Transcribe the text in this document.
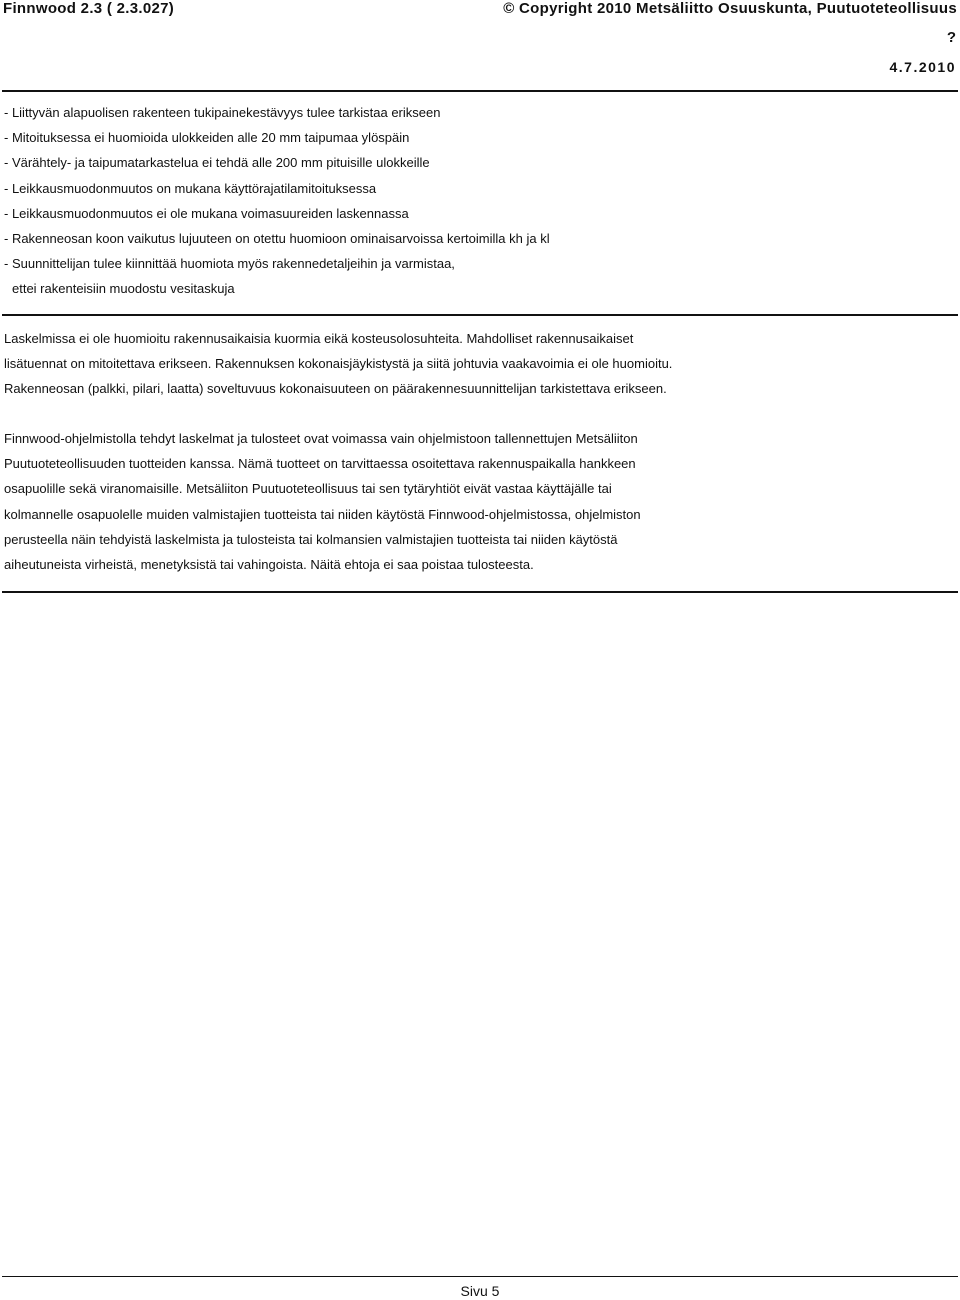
Finnwood 2.3 ( 2.3.027)	© Copyright 2010 Metsäliitto Osuuskunta, Puutuoteteollisuus
?
4.7.2010
- Liittyvän alapuolisen rakenteen tukipainekestävyys tulee tarkistaa erikseen
- Mitoituksessa ei huomioida ulokkeiden alle 20 mm taipumaa ylöspäin
- Värähtely- ja taipumatarkastelua ei tehdä alle 200 mm pituisille ulokkeille
- Leikkausmuodonmuutos on mukana käyttörajatilamitoituksessa
- Leikkausmuodonmuutos ei ole mukana voimasuureiden laskennassa
- Rakenneosan koon vaikutus lujuuteen on otettu huomioon ominaisarvoissa kertoimilla kh ja kl
- Suunnittelijan tulee kiinnittää huomiota myös rakennedetaljeihin ja varmistaa,
ettei rakenteisiin muodostu vesitaskuja

Laskelmissa ei ole huomioitu rakennusaikaisia kuormia eikä kosteusolosuhteita. Mahdolliset rakennusaikaiset
lisätuennat on mitoitettava erikseen. Rakennuksen kokonaisjäykistystä ja siitä johtuvia vaakavoimia ei ole huomioitu.
Rakenneosan (palkki, pilari, laatta) soveltuvuus kokonaisuuteen on päärakennesuunnittelijan tarkistettava erikseen.

Finnwood-ohjelmistolla tehdyt laskelmat ja tulosteet ovat voimassa vain ohjelmistoon tallennettujen Metsäliiton
Puutuoteteollisuuden tuotteiden kanssa. Nämä tuotteet on tarvittaessa osoitettava rakennuspaikalla hankkeen
osapuolille sekä viranomaisille. Metsäliiton Puutuoteteollisuus tai sen tytäryhtiöt eivät vastaa käyttäjälle tai
kolmannelle osapuolelle muiden valmistajien tuotteista tai niiden käytöstä Finnwood-ohjelmistossa, ohjelmiston
perusteella näin tehdyistä laskelmista ja tulosteista tai kolmansien valmistajien tuotteista tai niiden käytöstä
aiheutuneista virheistä, menetyksistä tai vahingoista. Näitä ehtoja ei saa poistaa tulosteesta.

Sivu 5
